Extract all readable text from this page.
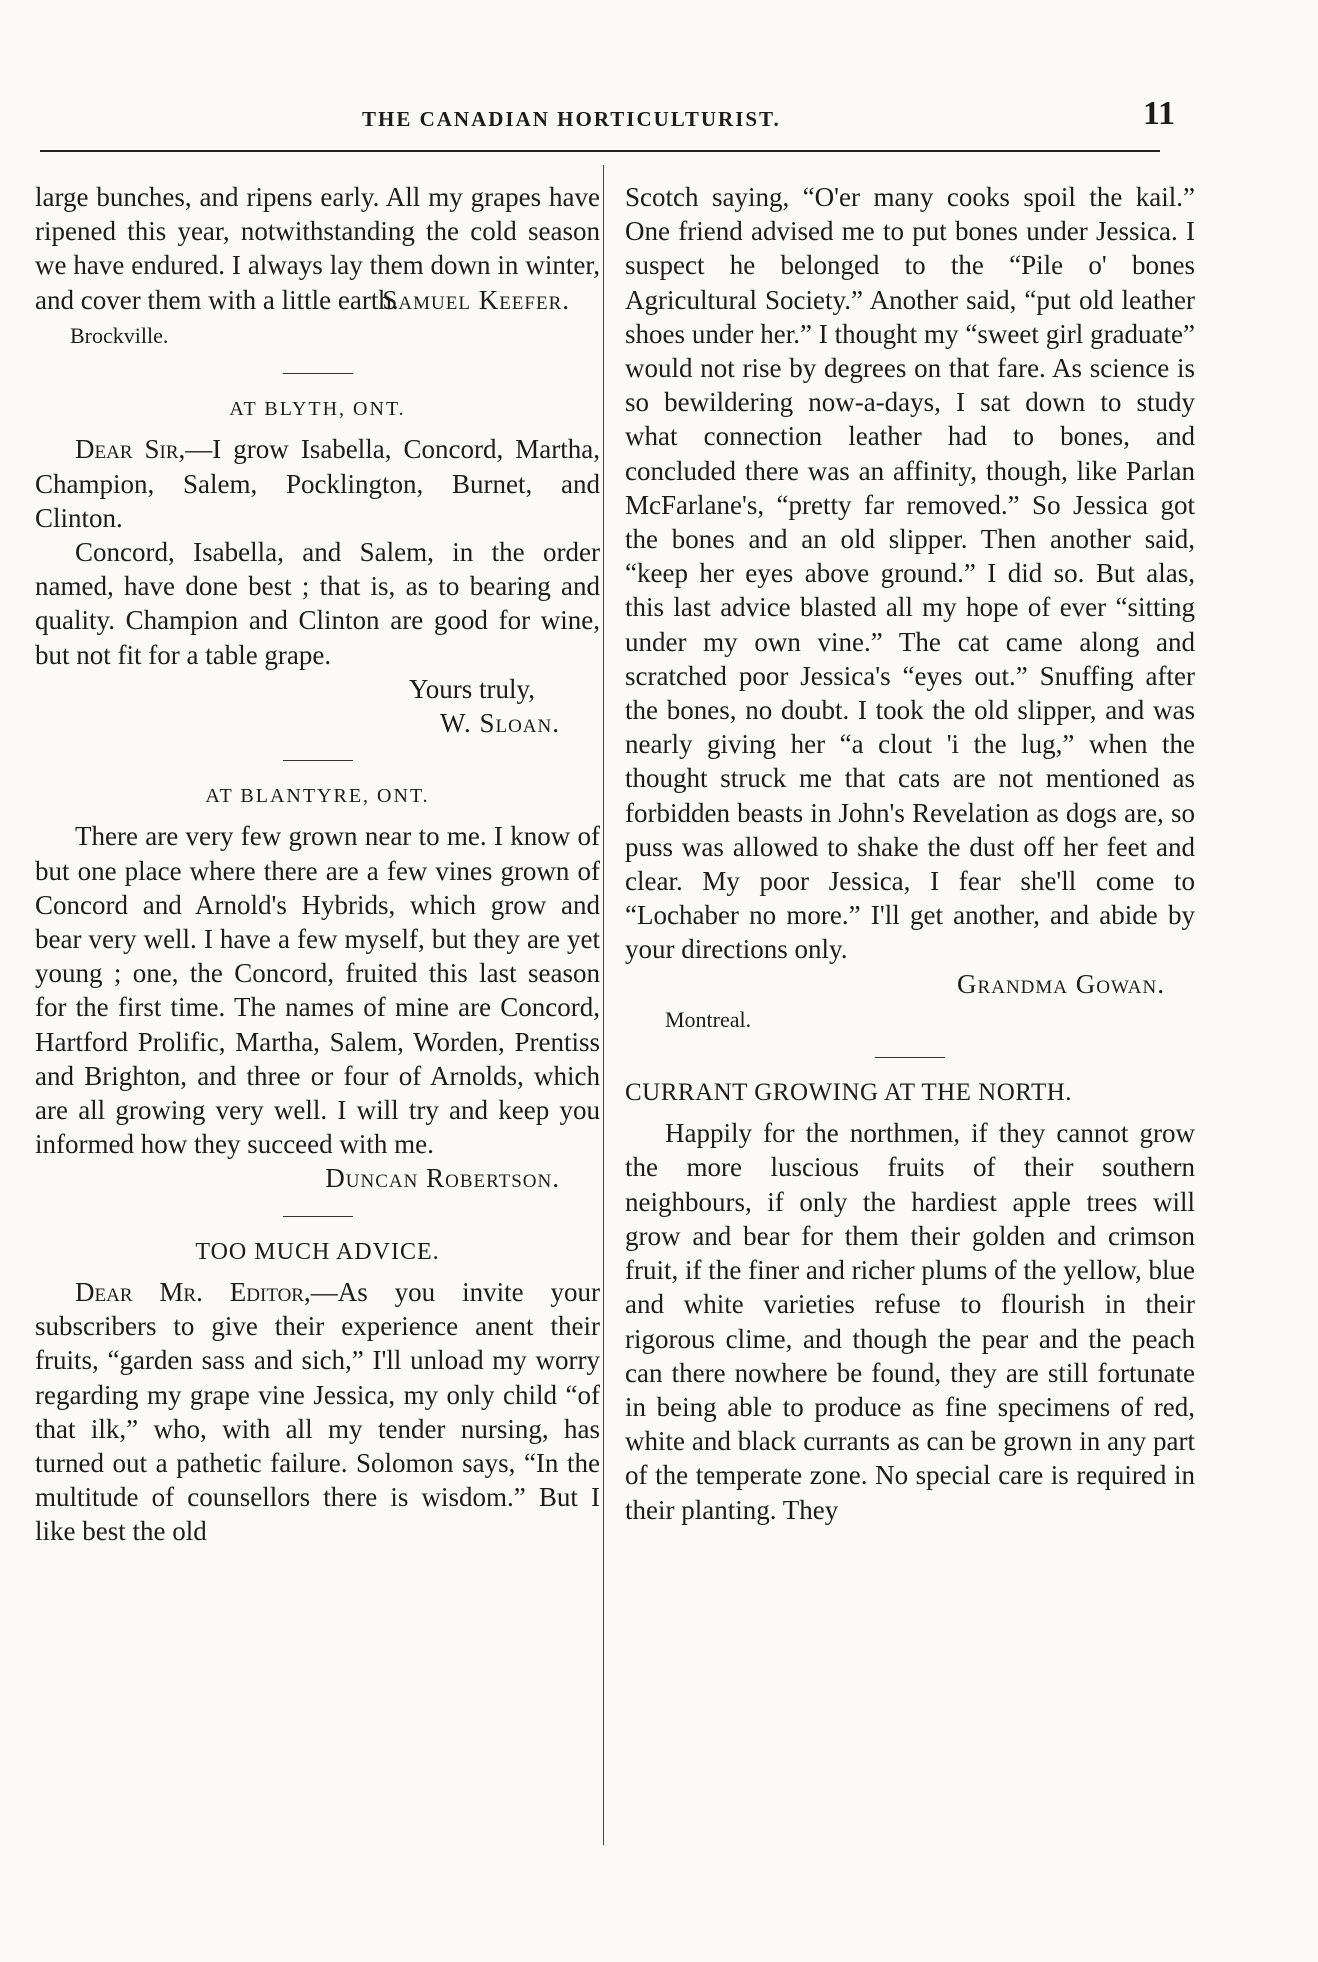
THE CANADIAN HORTICULTURIST.	11

large bunches, and ripens early. All my grapes have ripened this year, notwithstanding the cold season we have endured. I always lay them down in winter, and cover them with a little earth.

Samuel Keefer.

Brockville.

AT BLYTH, ONT.

Dear Sir,—I grow Isabella, Concord, Martha, Champion, Salem, Pocklington, Burnet, and Clinton.

Concord, Isabella, and Salem, in the order named, have done best ; that is, as to bearing and quality. Champion and Clinton are good for wine, but not fit for a table grape.

Yours truly,

W. Sloan.

AT BLANTYRE, ONT.

There are very few grown near to me. I know of but one place where there are a few vines grown of Concord and Arnold's Hybrids, which grow and bear very well. I have a few myself, but they are yet young ; one, the Concord, fruited this last season for the first time. The names of mine are Concord, Hartford Prolific, Martha, Salem, Worden, Prentiss and Brighton, and three or four of Arnolds, which are all growing very well. I will try and keep you informed how they succeed with me.

Duncan Robertson.

TOO MUCH ADVICE.

Dear Mr. Editor,—As you invite your subscribers to give their experience anent their fruits, “garden sass and sich,” I'll unload my worry regarding my grape vine Jessica, my only child “of that ilk,” who, with all my tender nursing, has turned out a pathetic failure. Solomon says, “In the multitude of counsellors there is wisdom.” But I like best the old

Scotch saying, “O'er many cooks spoil the kail.” One friend advised me to put bones under Jessica. I suspect he belonged to the “Pile o' bones Agricultural Society.” Another said, “put old leather shoes under her.” I thought my “sweet girl graduate” would not rise by degrees on that fare. As science is so bewildering now-a-days, I sat down to study what connection leather had to bones, and concluded there was an affinity, though, like Parlan McFarlane's, “pretty far removed.” So Jessica got the bones and an old slipper. Then another said, “keep her eyes above ground.” I did so. But alas, this last advice blasted all my hope of ever “sitting under my own vine.” The cat came along and scratched poor Jessica's “eyes out.” Snuffing after the bones, no doubt. I took the old slipper, and was nearly giving her “a clout 'i the lug,” when the thought struck me that cats are not mentioned as forbidden beasts in John's Revelation as dogs are, so puss was allowed to shake the dust off her feet and clear. My poor Jessica, I fear she'll come to “Lochaber no more.” I'll get another, and abide by your directions only.

Grandma Gowan.

Montreal.

CURRANT GROWING AT THE NORTH.

Happily for the northmen, if they cannot grow the more luscious fruits of their southern neighbours, if only the hardiest apple trees will grow and bear for them their golden and crimson fruit, if the finer and richer plums of the yellow, blue and white varieties refuse to flourish in their rigorous clime, and though the pear and the peach can there nowhere be found, they are still fortunate in being able to produce as fine specimens of red, white and black currants as can be grown in any part of the temperate zone. No special care is required in their planting. They
